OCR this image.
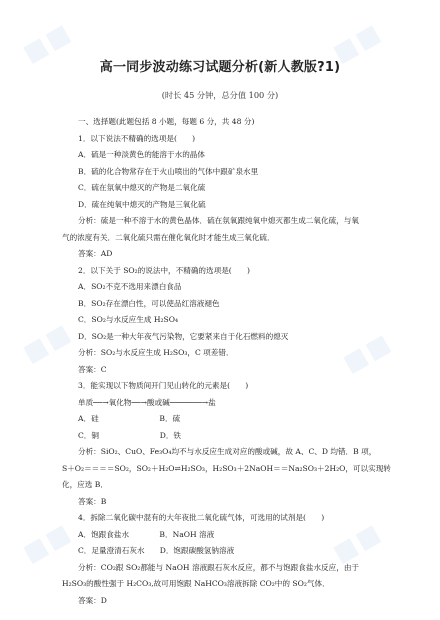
▪▪	▪▪
▪▪	▪▪
▪▪	▪▪
高一同步波动练习试题分析(新人教版?1)
(时长 45 分钟，总分值 100 分)
一、选择题(此题包括 8 小题，每题 6 分，共 48 分)
1．以下说法不精确的选项是(　　)
A．硫是一种淡黄色的能溶于水的晶体
B．硫的化合物常存在于火山喷出的气体中跟矿泉水里
C．硫在氛氧中熄灭的产物是二氧化硫
D．硫在纯氧中熄灭的产物是三氧化硫
分析：硫是一种不溶于水的黄色晶体．硫在氛氧跟纯氧中熄灭都生成二氧化硫，与氧
气的浓度有关．二氧化硫只需在催化氧化时才能生成三氧化硫．
答案：AD
2．以下关于 SO₂的说法中，不精确的选项是(　　)
A．SO₂不克不选用来漂白食品
B．SO₂存在漂白性，可以使品红溶液褪色
C．SO₂与水反应生成 H₂SO₄
D．SO₂是一种大年夜气污染物，它要紧来自于化石燃料的熄灭
分析：SO₂与水反应生成 H₂SO₃，C 项差错．
答案：C
3．能实现以下物质间开门见山转化的元素是(　　)
单质──→氧化物──→酸或碱───────→盐
A．硅　　　　　　　　B．硫
C．铜　　　　　　　　D．铁
分析：SiO₂、CuO、Fe₃O₄均不与水反应生成对应的酸或碱，故 A、C、D 均错．B 项，
S＋O₂＝＝＝＝SO₂，SO₂＋H₂O⇌H₂SO₃，H₂SO₃＋2NaOH＝＝Na₂SO₃＋2H₂O，可以实现转
化，应选 B．
答案：B
4．拆除二氧化碳中混有的大年夜批二氧化硫气体，可选用的试剂是(　　)
A．饱跟食盐水　　　　B．NaOH 溶液
C．足量澄清石灰水　　D．饱跟碳酸氢钠溶液
分析：CO₂跟 SO₂都能与 NaOH 溶液跟石灰水反应，都不与饱跟食盐水反应，由于
H₂SO₃的酸性强于 H₂CO₃,故可用饱跟 NaHCO₃溶液拆除 CO₂中的 SO₂气体．
答案：D
